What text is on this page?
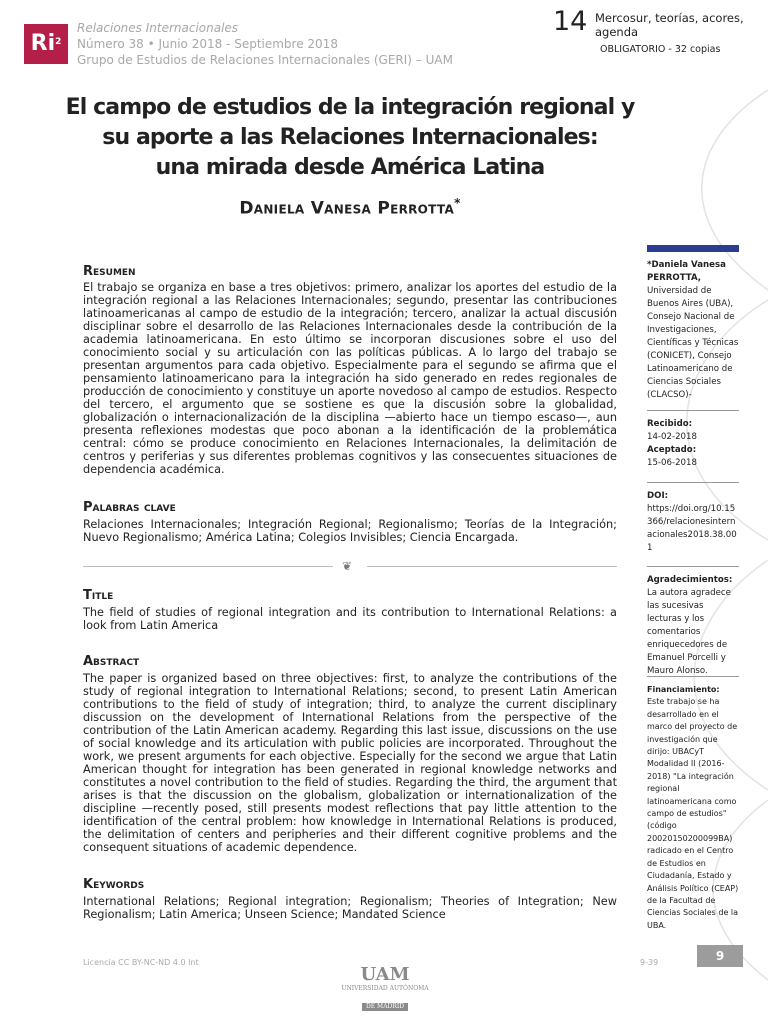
Ri$^2$
Relaciones Internacionales
Número 38 • Junio 2018 - Septiembre 2018
Grupo de Estudios de Relaciones Internacionales (GERI) – UAM
14 Mercosur, teorías, acores, agenda
OBLIGATORIO - 32 copias
El campo de estudios de la integración regional y
su aporte a las Relaciones Internacionales:
una mirada desde América Latina
Daniela Vanesa Perrotta*
*Daniela Vanesa PERROTTA, Universidad de Buenos Aires (UBA), Consejo Nacional de Investigaciones, Científicas y Técnicas (CONICET), Consejo Latinoamericano de Ciencias Sociales (CLACSO)-
Recibido:
14-02-2018
Aceptado:
15-06-2018
DOI:
https://doi.org/10.15366/relacionesinternacionales2018.38.001
Agradecimientos:
La autora agradece las sucesivas lecturas y los comentarios enriquecedores de Emanuel Porcelli y Mauro Alonso.
Financiamiento:
Este trabajo se ha desarrollado en el marco del proyecto de investigación que dirijo: UBACyT Modalidad II (2016-2018) "La integración regional latinoamericana como campo de estudios" (código 20020150200099BA) radicado en el Centro de Estudios en Ciudadanía, Estado y Análisis Político (CEAP) de la Facultad de Ciencias Sociales de la UBA.
Resumen
El trabajo se organiza en base a tres objetivos: primero, analizar los aportes del estudio de la integración regional a las Relaciones Internacionales; segundo, presentar las contribuciones latinoamericanas al campo de estudio de la integración; tercero, analizar la actual discusión disciplinar sobre el desarrollo de las Relaciones Internacionales desde la contribución de la academia latinoamericana. En esto último se incorporan discusiones sobre el uso del conocimiento social y su articulación con las políticas públicas. A lo largo del trabajo se presentan argumentos para cada objetivo. Especialmente para el segundo se afirma que el pensamiento latinoamericano para la integración ha sido generado en redes regionales de producción de conocimiento y constituye un aporte novedoso al campo de estudios. Respecto del tercero, el argumento que se sostiene es que la discusión sobre la globalidad, globalización o internacionalización de la disciplina —abierto hace un tiempo escaso—, aun presenta reflexiones modestas que poco abonan a la identificación de la problemática central: cómo se produce conocimiento en Relaciones Internacionales, la delimitación de centros y periferias y sus diferentes problemas cognitivos y las consecuentes situaciones de dependencia académica.
Palabras clave
Relaciones Internacionales; Integración Regional; Regionalismo; Teorías de la Integración; Nuevo Regionalismo; América Latina; Colegios Invisibles; Ciencia Encargada.
❦
Title
The field of studies of regional integration and its contribution to International Relations: a look from Latin America
Abstract
The paper is organized based on three objectives: first, to analyze the contributions of the study of regional integration to International Relations; second, to present Latin American contributions to the field of study of integration; third, to analyze the current disciplinary discussion on the development of International Relations from the perspective of the contribution of the Latin American academy. Regarding this last issue, discussions on the use of social knowledge and its articulation with public policies are incorporated. Throughout the work, we present arguments for each objective. Especially for the second we argue that Latin American thought for integration has been generated in regional knowledge networks and constitutes a novel contribution to the field of studies. Regarding the third, the argument that arises is that the discussion on the globalism, globalization or internationalization of the discipline —recently posed, still presents modest reflections that pay little attention to the identification of the central problem: how knowledge in International Relations is produced, the delimitation of centers and peripheries and their different cognitive problems and the consequent situations of academic dependence.
Keywords
International Relations; Regional integration; Regionalism; Theories of Integration; New Regionalism; Latin America; Unseen Science; Mandated Science
Licencia CC BY-NC-ND 4.0 Int	9-39	9
UAM
UNIVERSIDAD AUTÓNOMA
DE MADRID
